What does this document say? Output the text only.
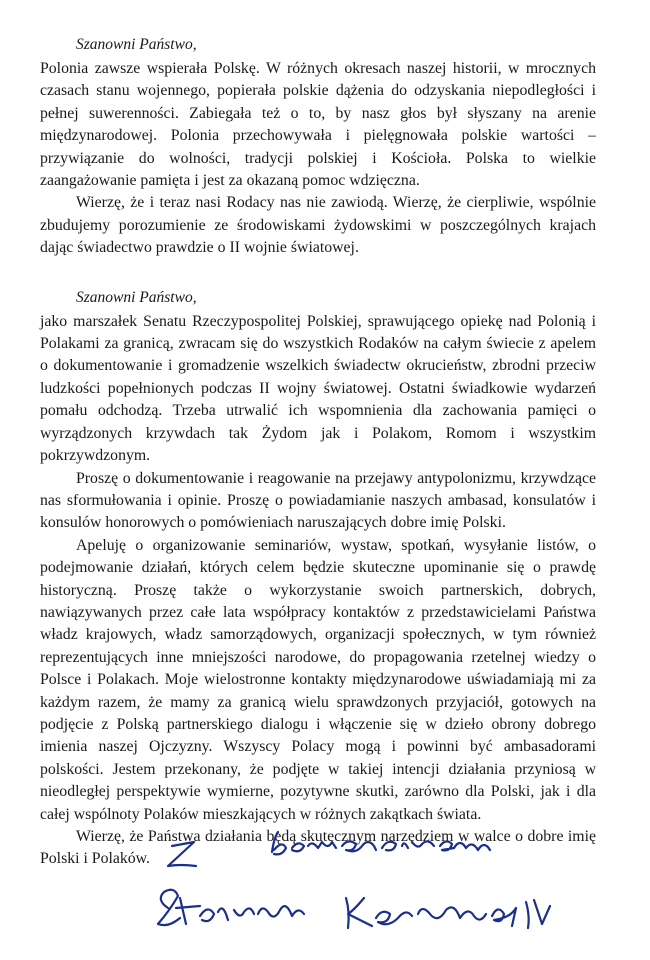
Szanowni Państwo,

Polonia zawsze wspierała Polskę. W różnych okresach naszej historii, w mrocznych czasach stanu wojennego, popierała polskie dążenia do odzyskania niepodległości i pełnej suwerenności. Zabiegała też o to, by nasz głos był słyszany na arenie międzynarodowej. Polonia przechowywała i pielęgnowała polskie wartości – przywiązanie do wolności, tradycji polskiej i Kościoła. Polska to wielkie zaangażowanie pamięta i jest za okazaną pomoc wdzięczna.

Wierzę, że i teraz nasi Rodacy nas nie zawiodą. Wierzę, że cierpliwie, wspólnie zbudujemy porozumienie ze środowiskami żydowskimi w poszczególnych krajach dając świadectwo prawdzie o II wojnie światowej.

Szanowni Państwo,

jako marszałek Senatu Rzeczypospolitej Polskiej, sprawującego opiekę nad Polonią i Polakami za granicą, zwracam się do wszystkich Rodaków na całym świecie z apelem o dokumentowanie i gromadzenie wszelkich świadectw okrucieństw, zbrodni przeciw ludzkości popełnionych podczas II wojny światowej. Ostatni świadkowie wydarzeń pomału odchodzą. Trzeba utrwalić ich wspomnienia dla zachowania pamięci o wyrządzonych krzywdach tak Żydom jak i Polakom, Romom i wszystkim pokrzywdzonym.

Proszę o dokumentowanie i reagowanie na przejawy antypolonizmu, krzywdzące nas sformułowania i opinie. Proszę o powiadamianie naszych ambasad, konsulatów i konsulów honorowych o pomówieniach naruszających dobre imię Polski.

Apeluję o organizowanie seminariów, wystaw, spotkań, wysyłanie listów, o podejmowanie działań, których celem będzie skuteczne upominanie się o prawdę historyczną. Proszę także o wykorzystanie swoich partnerskich, dobrych, nawiązywanych przez całe lata współpracy kontaktów z przedstawicielami Państwa władz krajowych, władz samorządowych, organizacji społecznych, w tym również reprezentujących inne mniejszości narodowe, do propagowania rzetelnej wiedzy o Polsce i Polakach. Moje wielostronne kontakty międzynarodowe uświadamiają mi za każdym razem, że mamy za granicą wielu sprawdzonych przyjaciół, gotowych na podjęcie z Polską partnerskiego dialogu i włączenie się w dzieło obrony dobrego imienia naszej Ojczyzny. Wszyscy Polacy mogą i powinni być ambasadorami polskości. Jestem przekonany, że podjęte w takiej intencji działania przyniosą w nieodległej perspektywie wymierne, pozytywne skutki, zarówno dla Polski, jak i dla całej wspólnoty Polaków mieszkających w różnych zakątkach świata.

Wierzę, że Państwa działania będą skutecznym narzędziem w walce o dobre imię Polski i Polaków.
